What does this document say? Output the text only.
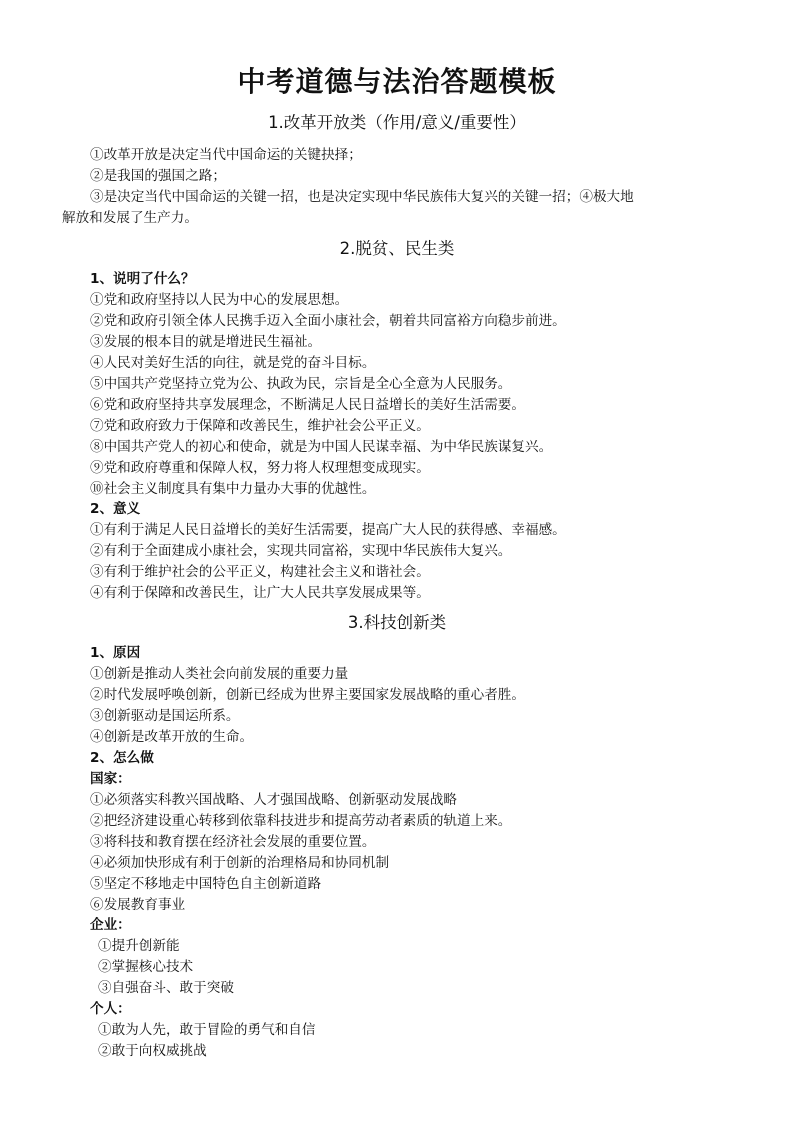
中考道德与法治答题模板
1.改革开放类（作用/意义/重要性）
①改革开放是决定当代中国命运的关键抉择；
②是我国的强国之路；
③是决定当代中国命运的关键一招，也是决定实现中华民族伟大复兴的关键一招；④极大地
解放和发展了生产力。
2.脱贫、民生类
1、说明了什么？
①党和政府坚持以人民为中心的发展思想。
②党和政府引领全体人民携手迈入全面小康社会，朝着共同富裕方向稳步前进。
③发展的根本目的就是增进民生福祉。
④人民对美好生活的向往，就是党的奋斗目标。
⑤中国共产党坚持立党为公、执政为民，宗旨是全心全意为人民服务。
⑥党和政府坚持共享发展理念，不断满足人民日益增长的美好生活需要。
⑦党和政府致力于保障和改善民生，维护社会公平正义。
⑧中国共产党人的初心和使命，就是为中国人民谋幸福、为中华民族谋复兴。
⑨党和政府尊重和保障人权，努力将人权理想变成现实。
⑩社会主义制度具有集中力量办大事的优越性。
2、意义
①有利于满足人民日益增长的美好生活需要，提高广大人民的获得感、幸福感。
②有利于全面建成小康社会，实现共同富裕，实现中华民族伟大复兴。
③有利于维护社会的公平正义，构建社会主义和谐社会。
④有利于保障和改善民生，让广大人民共享发展成果等。
3.科技创新类
1、原因
①创新是推动人类社会向前发展的重要力量
②时代发展呼唤创新，创新已经成为世界主要国家发展战略的重心者胜。
③创新驱动是国运所系。
④创新是改革开放的生命。
2、怎么做
国家：
①必须落实科教兴国战略、人才强国战略、创新驱动发展战略
②把经济建设重心转移到依靠科技进步和提高劳动者素质的轨道上来。
③将科技和教育摆在经济社会发展的重要位置。
④必须加快形成有利于创新的治理格局和协同机制
⑤坚定不移地走中国特色自主创新道路
⑥发展教育事业
企业：
①提升创新能
②掌握核心技术
③自强奋斗、敢于突破
个人：
①敢为人先，敢于冒险的勇气和自信
②敢于向权威挑战
